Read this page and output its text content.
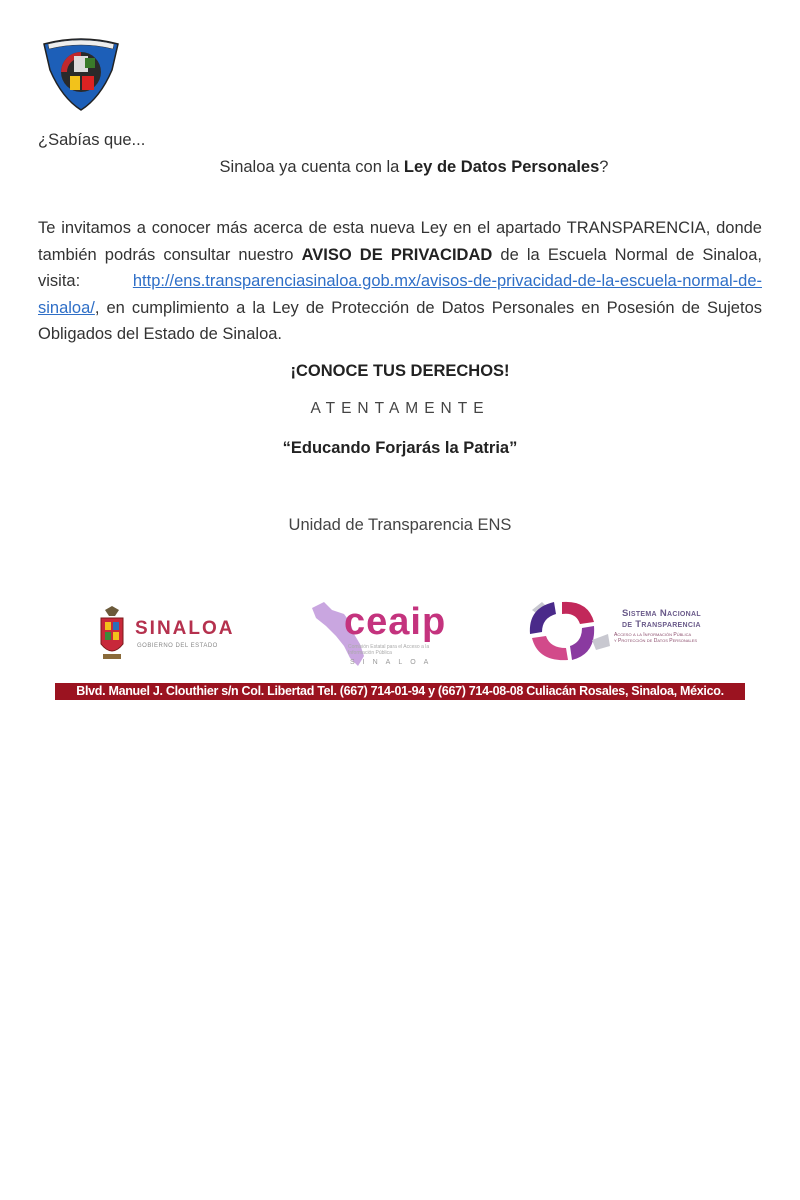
¿Sabías que...
Sinaloa ya cuenta con la Ley de Datos Personales?
Te invitamos a conocer más acerca de esta nueva Ley en el apartado TRANSPARENCIA, donde también podrás consultar nuestro AVISO DE PRIVACIDAD de la Escuela Normal de Sinaloa, visita: http://ens.transparenciasinaloa.gob.mx/avisos-de-privacidad-de-la-escuela-normal-de-sinaloa/, en cumplimiento a la Ley de Protección de Datos Personales en Posesión de Sujetos Obligados del Estado de Sinaloa.
¡CONOCE TUS DERECHOS!
ATENTAMENTE
“Educando Forjarás la Patria”
Unidad de Transparencia ENS
SINALOA
GOBIERNO DEL ESTADO
ceaip
Comisión Estatal para el Acceso a la Información Pública
SINALOA
Sistema Nacional
de Transparencia
Acceso a la Información Pública
y Protección de Datos Personales
Blvd. Manuel J. Clouthier s/n Col. Libertad Tel. (667) 714-01-94 y (667) 714-08-08 Culiacán Rosales, Sinaloa, México.
